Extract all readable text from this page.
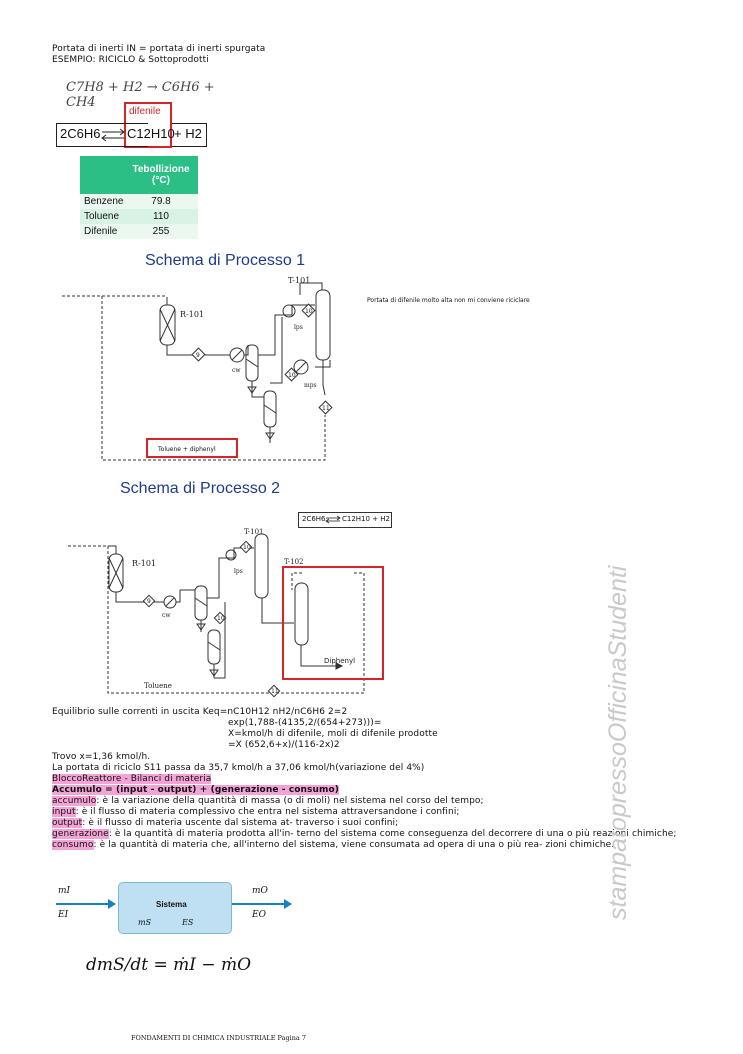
Portata di inerti IN = portata di inerti spurgata
ESEMPIO: RICICLO & Sottoprodotti
C7H8 + H2 → C6H6 + CH4
difenile
2C6H6 ⇌ C12H10 + H2
	Tebollizione (°C)
Benzene	79.8
Toluene	110
Difenile	255
Schema di Processo 1
Portata di difenile molto alta non mi conviene riciclare
R-101
T-101
cw
lps
mps
9
10
10
11
Toluene + diphenyl
Schema di Processo 2
2C6H6 C12H10 + H2
R-101
T-101
T-102
cw
lps
Diphenyl
Toluene
9
10
10
11
Equilibrio sulle correnti in uscita Keq=nC10H12 nH2/nC6H6 2=2
exp(1,788-(4135,2/(654+273)))=
X=kmol/h di difenile, moli di difenile prodotte
=X (652,6+x)/(116-2x)2
Trovo x=1,36 kmol/h.
La portata di riciclo S11 passa da 35,7 kmol/h a 37,06 kmol/h(variazione del 4%)
BloccoReattore - Bilanci di materia
Accumulo = (input - output) + (generazione - consumo)
accumulo: è la variazione della quantità di massa (o di moli) nel sistema nel corso del tempo;
input: è il flusso di materia complessivo che entra nel sistema attraversandone i confini;
output: è il flusso di materia uscente dal sistema at- traverso i suoi confini;
generazione: è la quantità di materia prodotta all'in- terno del sistema come conseguenza del decorrere di una o più reazioni chimiche;
consumo: è la quantità di materia che, all'interno del sistema, viene consumata ad opera di una o più rea- zioni chimiche.
mI
EI
Sistema
mS	ES
mO
EO
dmS/dt = ṁI − ṁO
stampatopressoOfficinaStudenti
FONDAMENTI DI CHIMICA INDUSTRIALE Pagina 7
